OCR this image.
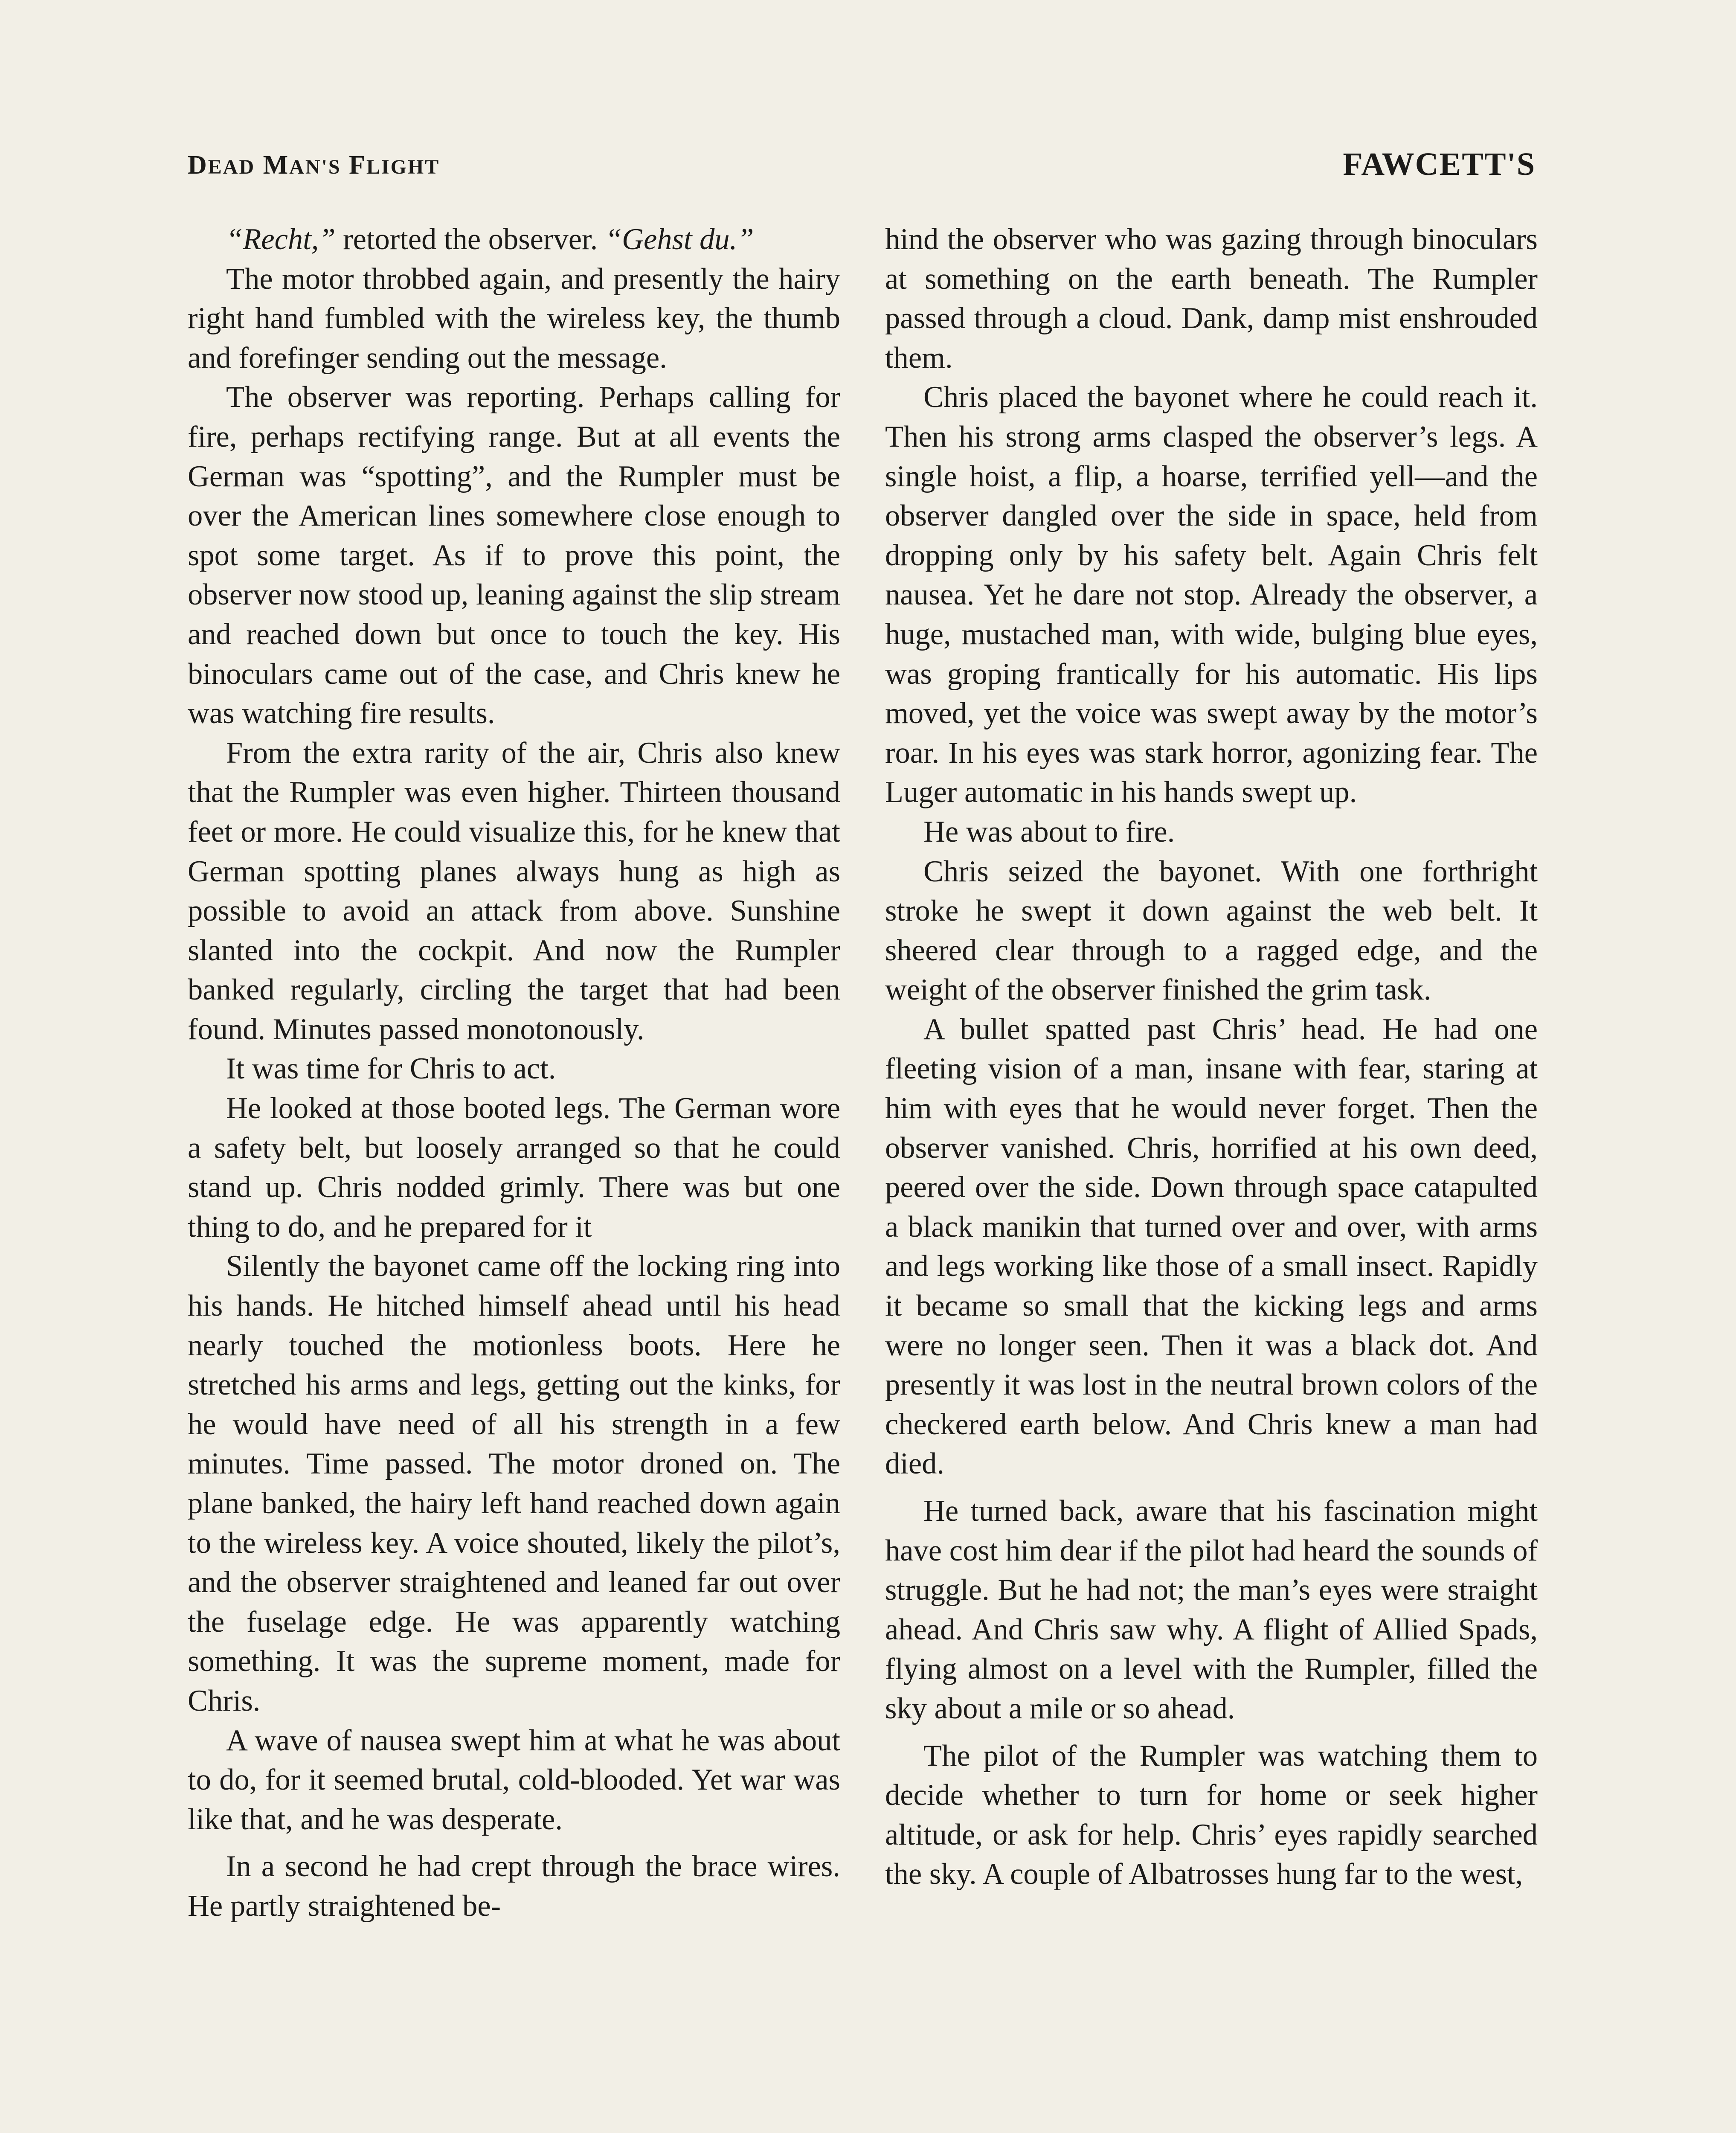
DEAD MAN'S FLIGHT	FAWCETT'S

“Recht,” retorted the observer. “Gehst du.”

The motor throbbed again, and presently the hairy right hand fumbled with the wireless key, the thumb and forefinger sending out the message.

The observer was reporting. Perhaps calling for fire, perhaps rectifying range. But at all events the German was “spotting”, and the Rumpler must be over the American lines somewhere close enough to spot some target. As if to prove this point, the observer now stood up, leaning against the slip stream and reached down but once to touch the key. His binoculars came out of the case, and Chris knew he was watching fire results.

From the extra rarity of the air, Chris also knew that the Rumpler was even higher. Thirteen thousand feet or more. He could visualize this, for he knew that German spotting planes always hung as high as possible to avoid an attack from above. Sunshine slanted into the cockpit. And now the Rumpler banked regularly, circling the target that had been found. Minutes passed monotonously.

It was time for Chris to act.

He looked at those booted legs. The German wore a safety belt, but loosely arranged so that he could stand up. Chris nodded grimly. There was but one thing to do, and he prepared for it

Silently the bayonet came off the locking ring into his hands. He hitched himself ahead until his head nearly touched the motionless boots. Here he stretched his arms and legs, getting out the kinks, for he would have need of all his strength in a few minutes. Time passed. The motor droned on. The plane banked, the hairy left hand reached down again to the wireless key. A voice shouted, likely the pilot’s, and the observer straightened and leaned far out over the fuselage edge. He was apparently watching something. It was the supreme moment, made for Chris.

A wave of nausea swept him at what he was about to do, for it seemed brutal, cold-blooded. Yet war was like that, and he was desperate.

In a second he had crept through the brace wires. He partly straightened be-

hind the observer who was gazing through binoculars at something on the earth beneath. The Rumpler passed through a cloud. Dank, damp mist enshrouded them.

Chris placed the bayonet where he could reach it. Then his strong arms clasped the observer’s legs. A single hoist, a flip, a hoarse, terrified yell—and the observer dangled over the side in space, held from dropping only by his safety belt. Again Chris felt nausea. Yet he dare not stop. Already the observer, a huge, mustached man, with wide, bulging blue eyes, was groping frantically for his automatic. His lips moved, yet the voice was swept away by the motor’s roar. In his eyes was stark horror, agonizing fear. The Luger automatic in his hands swept up.

He was about to fire.

Chris seized the bayonet. With one forthright stroke he swept it down against the web belt. It sheered clear through to a ragged edge, and the weight of the observer finished the grim task.

A bullet spatted past Chris’ head. He had one fleeting vision of a man, insane with fear, staring at him with eyes that he would never forget. Then the observer vanished. Chris, horrified at his own deed, peered over the side. Down through space catapulted a black manikin that turned over and over, with arms and legs working like those of a small insect. Rapidly it became so small that the kicking legs and arms were no longer seen. Then it was a black dot. And presently it was lost in the neutral brown colors of the checkered earth below. And Chris knew a man had died.

He turned back, aware that his fascination might have cost him dear if the pilot had heard the sounds of struggle. But he had not; the man’s eyes were straight ahead. And Chris saw why. A flight of Allied Spads, flying almost on a level with the Rumpler, filled the sky about a mile or so ahead.

The pilot of the Rumpler was watching them to decide whether to turn for home or seek higher altitude, or ask for help. Chris’ eyes rapidly searched the sky. A couple of Albatrosses hung far to the west,
